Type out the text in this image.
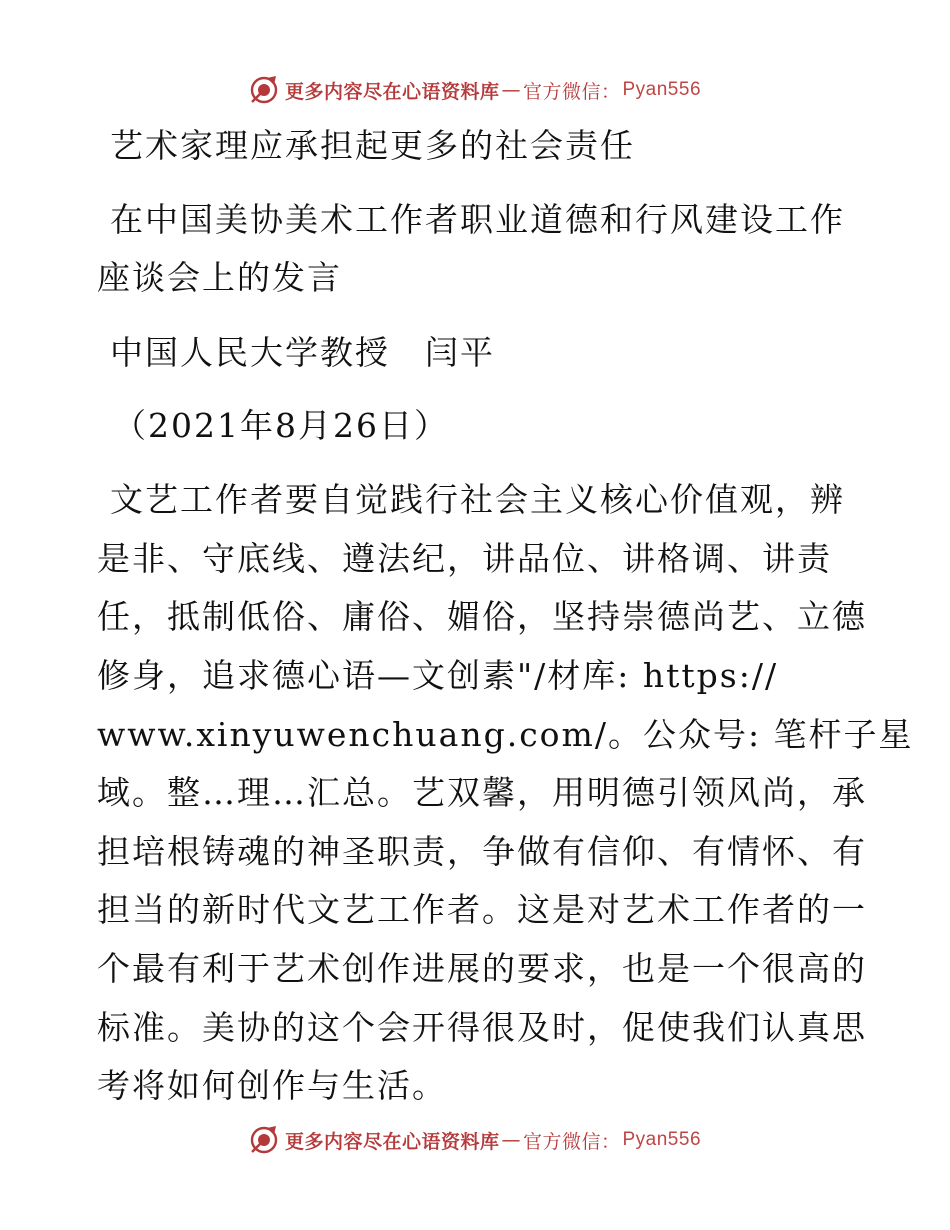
更多内容尽在心语资料库 — 官方微信： Pyan556
艺术家理应承担起更多的社会责任
在中国美协美术工作者职业道德和行风建设工作
座谈会上的发言
中国人民大学教授　闫平
（2021年8月26日）
文艺工作者要自觉践行社会主义核心价值观，辨
是非、守底线、遵法纪，讲品位、讲格调、讲责
任，抵制低俗、庸俗、媚俗，坚持崇德尚艺、立德
修身，追求德心语—文创素"/材库: https://
www.xinyuwenchuang.com/。公众号: 笔杆子星
域。整…理…汇总。艺双馨，用明德引领风尚，承
担培根铸魂的神圣职责，争做有信仰、有情怀、有
担当的新时代文艺工作者。这是对艺术工作者的一
个最有利于艺术创作进展的要求，也是一个很高的
标准。美协的这个会开得很及时，促使我们认真思
考将如何创作与生活。
更多内容尽在心语资料库 — 官方微信： Pyan556
